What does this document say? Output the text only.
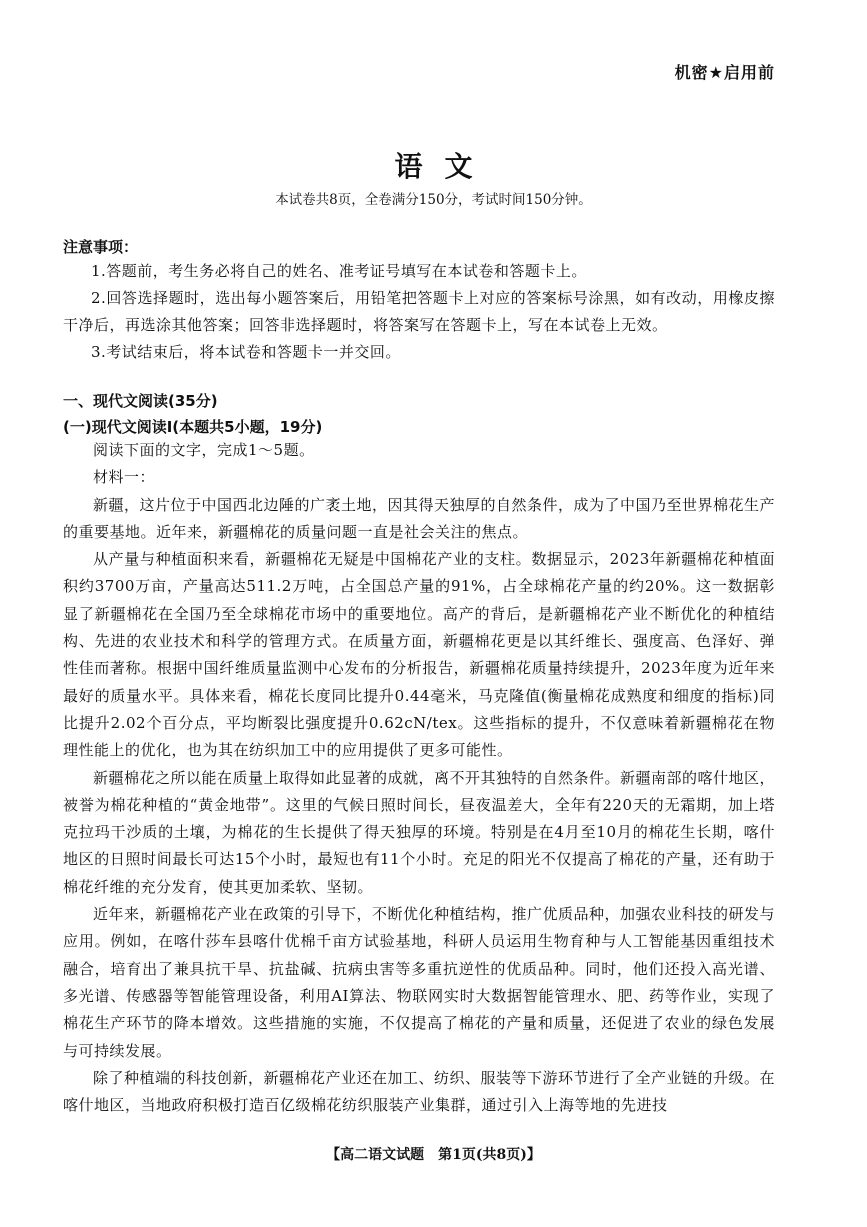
机密★启用前
语文
本试卷共8页，全卷满分150分，考试时间150分钟。
注意事项：

1.答题前，考生务必将自己的姓名、准考证号填写在本试卷和答题卡上。

2.回答选择题时，选出每小题答案后，用铅笔把答题卡上对应的答案标号涂黑，如有改动，用橡皮擦干净后，再选涂其他答案；回答非选择题时，将答案写在答题卡上，写在本试卷上无效。

3.考试结束后，将本试卷和答题卡一并交回。

一、现代文阅读(35分)
(一)现代文阅读Ⅰ(本题共5小题，19分)

阅读下面的文字，完成1～5题。

材料一：

新疆，这片位于中国西北边陲的广袤土地，因其得天独厚的自然条件，成为了中国乃至世界棉花生产的重要基地。近年来，新疆棉花的质量问题一直是社会关注的焦点。

从产量与种植面积来看，新疆棉花无疑是中国棉花产业的支柱。数据显示，2023年新疆棉花种植面积约3700万亩，产量高达511.2万吨，占全国总产量的91%，占全球棉花产量的约20%。这一数据彰显了新疆棉花在全国乃至全球棉花市场中的重要地位。高产的背后，是新疆棉花产业不断优化的种植结构、先进的农业技术和科学的管理方式。在质量方面，新疆棉花更是以其纤维长、强度高、色泽好、弹性佳而著称。根据中国纤维质量监测中心发布的分析报告，新疆棉花质量持续提升，2023年度为近年来最好的质量水平。具体来看，棉花长度同比提升0.44毫米，马克隆值(衡量棉花成熟度和细度的指标)同比提升2.02个百分点，平均断裂比强度提升0.62cN/tex。这些指标的提升，不仅意味着新疆棉花在物理性能上的优化，也为其在纺织加工中的应用提供了更多可能性。

新疆棉花之所以能在质量上取得如此显著的成就，离不开其独特的自然条件。新疆南部的喀什地区，被誉为棉花种植的“黄金地带”。这里的气候日照时间长，昼夜温差大，全年有220天的无霜期，加上塔克拉玛干沙质的土壤，为棉花的生长提供了得天独厚的环境。特别是在4月至10月的棉花生长期，喀什地区的日照时间最长可达15个小时，最短也有11个小时。充足的阳光不仅提高了棉花的产量，还有助于棉花纤维的充分发育，使其更加柔软、坚韧。

近年来，新疆棉花产业在政策的引导下，不断优化种植结构，推广优质品种，加强农业科技的研发与应用。例如，在喀什莎车县喀什优棉千亩方试验基地，科研人员运用生物育种与人工智能基因重组技术融合，培育出了兼具抗干旱、抗盐碱、抗病虫害等多重抗逆性的优质品种。同时，他们还投入高光谱、多光谱、传感器等智能管理设备，利用AI算法、物联网实时大数据智能管理水、肥、药等作业，实现了棉花生产环节的降本增效。这些措施的实施，不仅提高了棉花的产量和质量，还促进了农业的绿色发展与可持续发展。

除了种植端的科技创新，新疆棉花产业还在加工、纺织、服装等下游环节进行了全产业链的升级。在喀什地区，当地政府积极打造百亿级棉花纺织服装产业集群，通过引入上海等地的先进技

【高二语文试题　第1页(共8页)】
